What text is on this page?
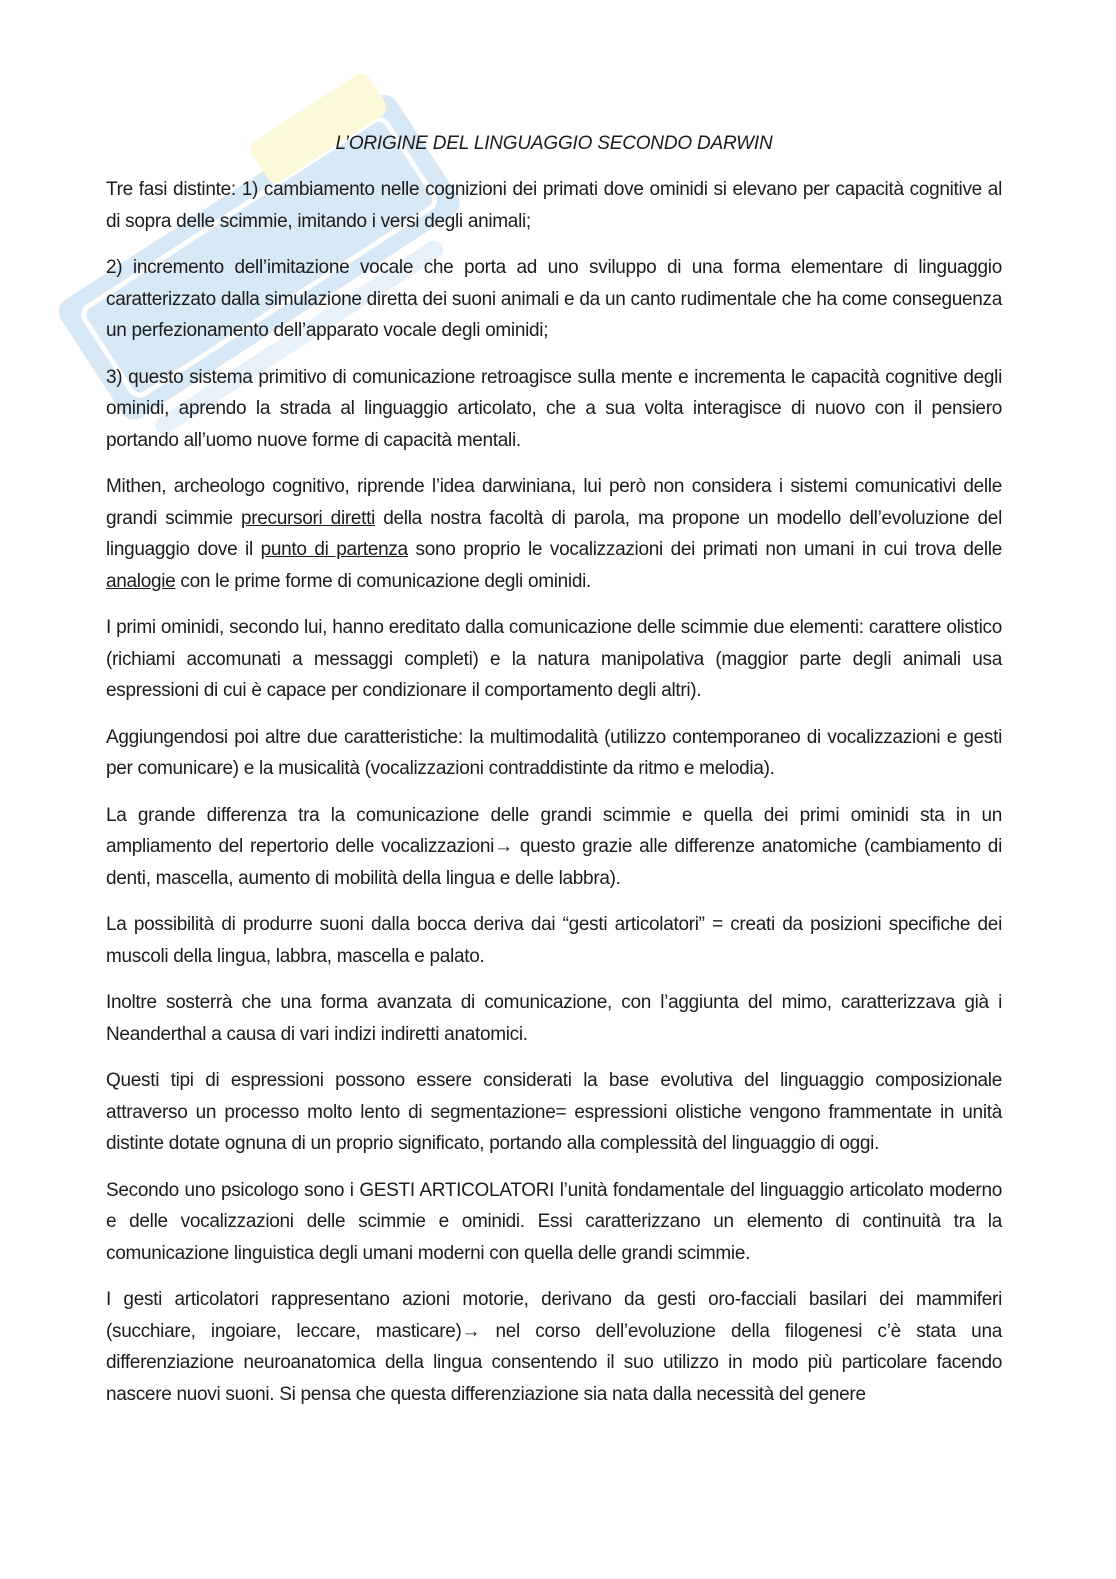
L’ORIGINE DEL LINGUAGGIO SECONDO DARWIN

Tre fasi distinte: 1) cambiamento nelle cognizioni dei primati dove ominidi si elevano per capacità cognitive al di sopra delle scimmie, imitando i versi degli animali;

2) incremento dell’imitazione vocale che porta ad uno sviluppo di una forma elementare di linguaggio caratterizzato dalla simulazione diretta dei suoni animali e da un canto rudimentale che ha come conseguenza un perfezionamento dell’apparato vocale degli ominidi;

3) questo sistema primitivo di comunicazione retroagisce sulla mente e incrementa le capacità cognitive degli ominidi, aprendo la strada al linguaggio articolato, che a sua volta interagisce di nuovo con il pensiero portando all’uomo nuove forme di capacità mentali.

Mithen, archeologo cognitivo, riprende l’idea darwiniana, lui però non considera i sistemi comunicativi delle grandi scimmie precursori diretti della nostra facoltà di parola, ma propone un modello dell’evoluzione del linguaggio dove il punto di partenza sono proprio le vocalizzazioni dei primati non umani in cui trova delle analogie con le prime forme di comunicazione degli ominidi.

I primi ominidi, secondo lui, hanno ereditato dalla comunicazione delle scimmie due elementi: carattere olistico (richiami accomunati a messaggi completi) e la natura manipolativa (maggior parte degli animali usa espressioni di cui è capace per condizionare il comportamento degli altri).

Aggiungendosi poi altre due caratteristiche: la multimodalità (utilizzo contemporaneo di vocalizzazioni e gesti per comunicare) e la musicalità (vocalizzazioni contraddistinte da ritmo e melodia).

La grande differenza tra la comunicazione delle grandi scimmie e quella dei primi ominidi sta in un ampliamento del repertorio delle vocalizzazioni→ questo grazie alle differenze anatomiche (cambiamento di denti, mascella, aumento di mobilità della lingua e delle labbra).

La possibilità di produrre suoni dalla bocca deriva dai “gesti articolatori” = creati da posizioni specifiche dei muscoli della lingua, labbra, mascella e palato.

Inoltre sosterrà che una forma avanzata di comunicazione, con l’aggiunta del mimo, caratterizzava già i Neanderthal a causa di vari indizi indiretti anatomici.

Questi tipi di espressioni possono essere considerati la base evolutiva del linguaggio composizionale attraverso un processo molto lento di segmentazione= espressioni olistiche vengono frammentate in unità distinte dotate ognuna di un proprio significato, portando alla complessità del linguaggio di oggi.

Secondo uno psicologo sono i GESTI ARTICOLATORI l’unità fondamentale del linguaggio articolato moderno e delle vocalizzazioni delle scimmie e ominidi. Essi caratterizzano un elemento di continuità tra la comunicazione linguistica degli umani moderni con quella delle grandi scimmie.

I gesti articolatori rappresentano azioni motorie, derivano da gesti oro-facciali basilari dei mammiferi (succhiare, ingoiare, leccare, masticare)→ nel corso dell’evoluzione della filogenesi c’è stata una differenziazione neuroanatomica della lingua consentendo il suo utilizzo in modo più particolare facendo nascere nuovi suoni. Si pensa che questa differenziazione sia nata dalla necessità del genere
